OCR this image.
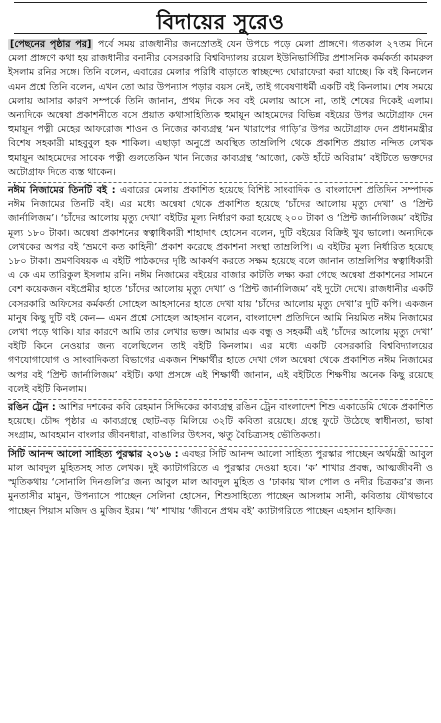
বিদায়ের সুরেও

[পেছনের পৃষ্ঠার পর] পর্বে সময় রাজধানীর জনস্রোতই যেন উপচে পড়ে মেলা প্রাঙ্গণে। গতকাল ২৭তম দিনে মেলা প্রাঙ্গণে কথা হয় রাজধানীর বনানীর বেসরকারি বিশ্ববিদ্যালয় রয়েল ইউনিভার্সিটির প্রশাসনিক কর্মকর্তা কামরুল ইসলাম রনির সঙ্গে। তিনি বলেন, এবারের মেলার পরিধি বাড়াতে স্বাচ্ছন্দ্যে ঘোরাফেরা করা যাচ্ছে। কি বই কিনলেন এমন প্রশ্নে তিনি বলেন, এখন তো আর উপন্যাস পড়ার বয়স নেই, তাই গবেষণাধর্মী একটি বই কিনলাম। শেষ সময়ে মেলায় আসার কারণ সম্পর্কে তিনি জানান, প্রথম দিকে সব বই মেলায় আসে না, তাই শেষের দিকেই এলাম। অন্যদিকে অন্বেষা প্রকাশনীতে বসে প্রয়াত কথাসাহিত্যিক হুমায়ূন আহমেদের বিভিন্ন বইয়ের উপর অটোগ্রাফ দেন হুমায়ূন পত্নী মেহের আফরোজ শাওন ও নিজের কাব্যগ্রন্থ ‘মন খারাপের গাড়ি’র উপর অটোগ্রাফ দেন প্রধানমন্ত্রীর বিশেষ সহকারী মাহবুবুল হক শাকিল। এছাড়া অনুপ্রে অবস্থিত তাম্রলিপি থেকে প্রকাশিত প্রয়াত নন্দিত লেখক হুমায়ূন আহমেদের সাবেক পত্নী গুলতেকিন খান নিজের কাব্যগ্রন্থ ‘আজো, কেউ হাঁটে অবিরাম’ বইটিতে ভক্তদের অটোগ্রাফ দিতে ব্যস্ত থাকেন।

নঈম নিজামের তিনটি বই : এবারের মেলায় প্রকাশিত হয়েছে বিশিষ্ট সাংবাদিক ও বাংলাদেশ প্রতিদিন সম্পাদক নঈম নিজামের তিনটি বই। এর মধ্যে অন্বেষা থেকে প্রকাশিত হয়েছে ‘চাঁদের আলোয় মৃত্যু দেখা’ ও ‘প্রিন্ট জার্নালিজম’। ‘চাঁদের আলোয় মৃত্যু দেখা’ বইটির মূল্য নির্ধারণ করা হয়েছে ২০০ টাকা ও ‘প্রিন্ট জার্নালিজম’ বইটির মূল্য ১৮০ টাকা। অন্বেষা প্রকাশনের স্বত্বাধিকারী শাহাদাৎ হোসেন বলেন, দুটি বইয়ের বিক্রিই খুব ভালো। অন্যদিকে লেখকের অপর বই ‘ভ্রমণে কত কাহিনী’ প্রকাশ করেছে প্রকাশনা সংস্থা তাম্রলিপি। এ বইটির মূল্য নির্ধারিত হয়েছে ১৮০ টাকা। ভ্রমণবিষয়ক এ বইটি পাঠকদের দৃষ্টি আকর্ষণ করতে সক্ষম হয়েছে বলে জানান তাম্রলিপির স্বত্বাধিকারী এ কে এম তারিকুল ইসলাম রনি। নঈম নিজামের বইয়ের বাজার কাটতি লক্ষ্য করা গেছে অন্বেষা প্রকাশনের সামনে বেশ কয়েকজন বইপ্রেমীর হাতে ‘চাঁদের আলোয় মৃত্যু দেখা’ ও ‘প্রিন্ট জার্নালিজম’ বই দুটো দেখে। রাজধানীর একটি বেসরকারি অফিসের কর্মকর্তা সোহেল আহসানের হাতে দেখা যায় ‘চাঁদের আলোয় মৃত্যু দেখা’র দুটি কপি। একজন মানুষ কিছু দুটি বই কেন— এমন প্রশ্নে সোহেল আহসান বলেন, বাংলাদেশ প্রতিদিনে আমি নিয়মিত নঈম নিজামের লেখা পড়ে থাকি। যার কারণে আমি তার লেখার ভক্ত। আমার এক বন্ধু ও সহকর্মী এই ‘চাঁদের আলোয় মৃত্যু দেখা’ বইটি কিনে নেওয়ার জন্য বলেছিলেন তাই বইটি কিনলাম। এর মধ্যে একটি বেসরকারি বিশ্ববিদ্যালয়ের গণযোগাযোগ ও সাংবাদিকতা বিভাগের একজন শিক্ষার্থীর হাতে দেখা গেল অন্বেষা থেকে প্রকাশিত নঈম নিজামের অপর বই ‘প্রিন্ট জার্নালিজম’ বইটি। কথা প্রসঙ্গে এই শিক্ষার্থী জানান, এই বইটিতে শিক্ষণীয় অনেক কিছু রয়েছে বলেই বইটি কিনলাম।

রঙিন ট্রেন : আশির দশকের কবি রেহমান সিদ্দিকের কাব্যগ্রন্থ রঙিন ট্রেন বাংলাদেশ শিশু একাডেমি থেকে প্রকাশিত হয়েছে। চৌদ্দ পৃষ্ঠার এ কাব্যগ্রন্থে ছোট-বড় মিলিয়ে ৩২টি কবিতা রয়েছে। গ্রন্থে ফুটে উঠেছে স্বাধীনতা, ভাষা সংগ্রাম, আবহমান বাংলার জীবনধারা, বাঙালির উৎসব, ঋতু বৈচিত্র্যসহ ভৌতিকতা।

সিটি আনন্দ আলো সাহিত্য পুরস্কার ২০১৬ : এবছর সিটি আনন্দ আলো সাহিত্য পুরস্কার পাচ্ছেন অর্থমন্ত্রী আবুল মাল আবদুল মুহিতসহ সাত লেখক। দুই ক্যাটাগরিতে এ পুরস্কার দেওয়া হবে। ‘ক’ শাখার প্রবন্ধ, আত্মজীবনী ও স্মৃতিকথায় ‘সোনালি দিনগুলি’র জন্য আবুল মাল আবদুল মুহিত ও ‘ঢাকায় খাল পোল ও নদীর চিত্রকর’র জন্য মুনতাসীর মামুন, উপন্যাসে পাচ্ছেন সেলিনা হোসেন, শিশুসাহিত্যে পাচ্ছেন আসলাম সানী, কবিতায় যৌথভাবে পাচ্ছেন পিয়াস মজিদ ও মুজিব ইরম। ‘খ’ শাখায় ‘জীবনে প্রথম বই’ ক্যাটাগরিতে পাচ্ছেন এহসান হাফিজ।
